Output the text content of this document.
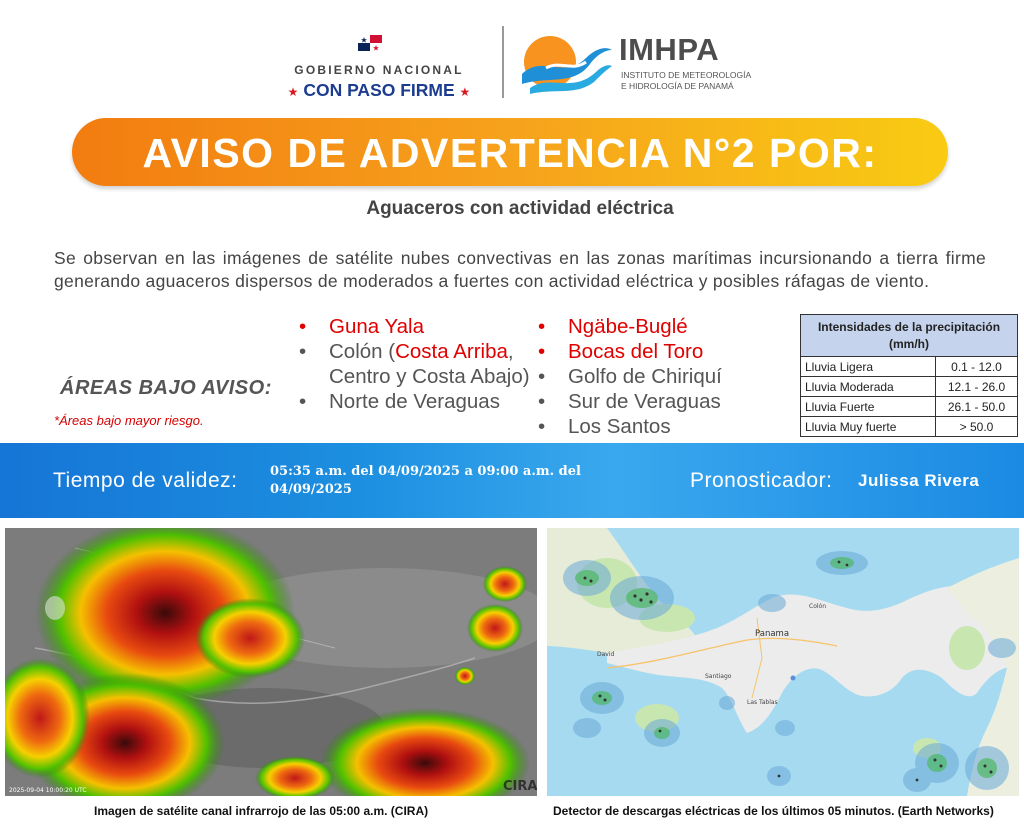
GOBIERNO NACIONAL
★ CON PASO FIRME ★
IMHPA
INSTITUTO DE METEOROLOGÍA
E HIDROLOGÍA DE PANAMÁ
AVISO DE ADVERTENCIA N°2 POR:
Aguaceros con actividad eléctrica
Se observan en las imágenes de satélite nubes convectivas en las zonas marítimas incursionando a tierra firme generando aguaceros dispersos de moderados a fuertes con actividad eléctrica y posibles ráfagas de viento.
ÁREAS BAJO AVISO:
*Áreas bajo mayor riesgo.
• Guna Yala
• Colón (Costa Arriba, Centro y Costa Abajo)
• Norte de Veraguas
• Ngäbe-Buglé
• Bocas del Toro
• Golfo de Chiriquí
• Sur de Veraguas
• Los Santos
Intensidades de la precipitación (mm/h)	
Lluvia Ligera	0.1 - 12.0
Lluvia Moderada	12.1 - 26.0
Lluvia Fuerte	26.1 - 50.0
Lluvia Muy fuerte	> 50.0
Tiempo de validez:	05:35 a.m. del 04/09/2025 a 09:00 a.m. del 04/09/2025	Pronosticador: Julissa Rivera
2025-09-04 10:00:20 UTC	CIRA
Panama
David
Santiago
Las Tablas
Colón
Imagen de satélite canal infrarrojo de las 05:00 a.m. (CIRA)	Detector de descargas eléctricas de los últimos 05 minutos. (Earth Networks)
